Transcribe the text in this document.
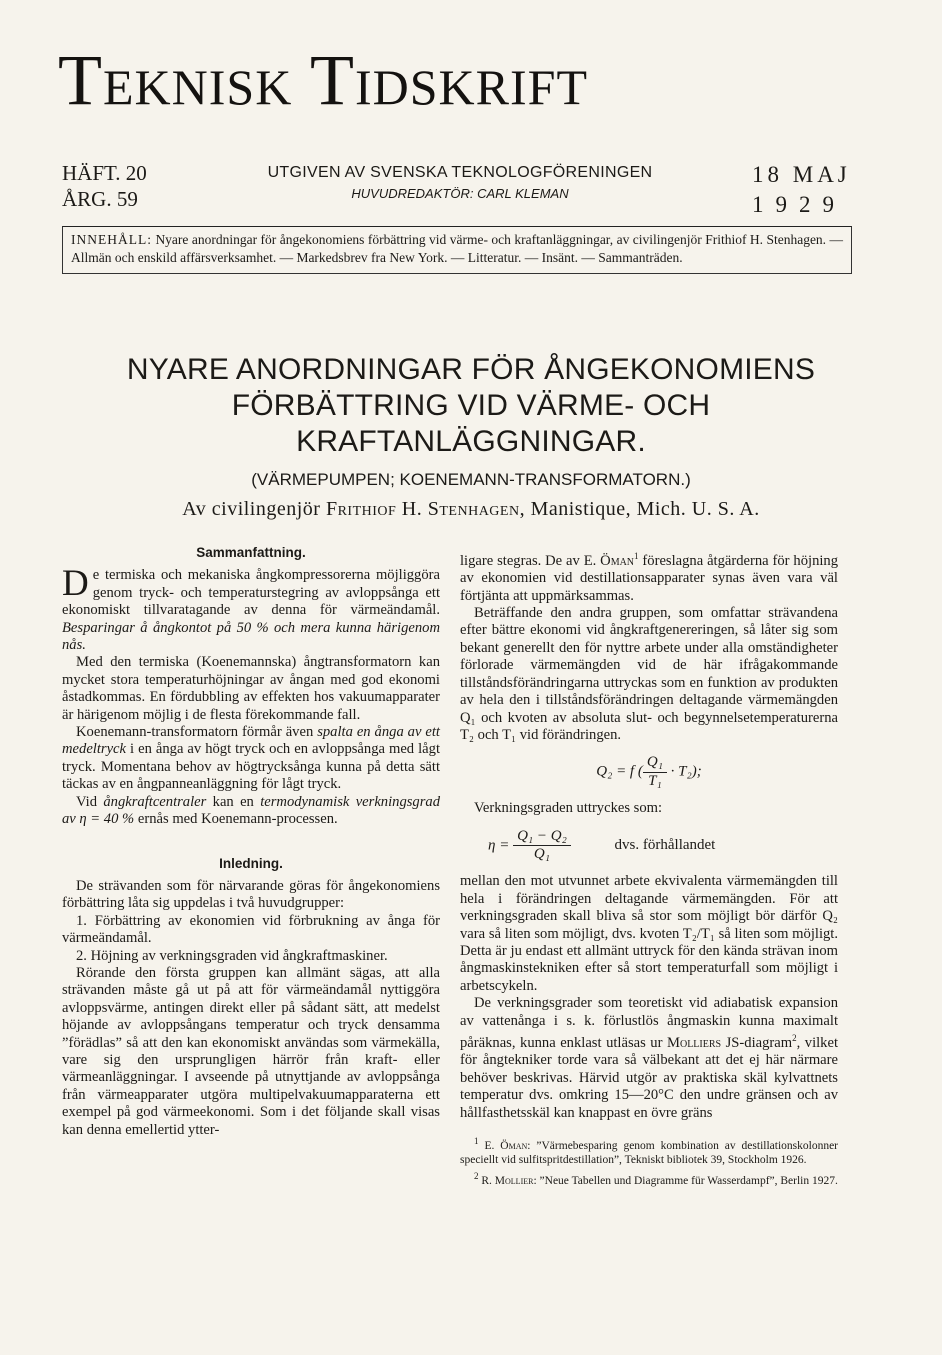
Teknisk Tidskrift
HÄFT. 20
ÅRG. 59
UTGIVEN AV SVENSKA TEKNOLOGFÖRENINGEN
HUVUDREDAKTÖR: CARL KLEMAN
18 MAJ
1929
INNEHÅLL: Nyare anordningar för ångekonomiens förbättring vid värme- och kraftanläggningar, av civilingenjör Frithiof H. Stenhagen. — Allmän och enskild affärsverksamhet. — Markedsbrev fra New York. — Litteratur. — Insänt. — Sammanträden.
NYARE ANORDNINGAR FÖR ÅNGEKONOMIENS FÖRBÄTTRING VID VÄRME- OCH KRAFTANLÄGGNINGAR.
(VÄRMEPUMPEN; KOENEMANN-TRANSFORMATORN.)
Av civilingenjör Frithiof H. Stenhagen, Manistique, Mich. U. S. A.
Sammanfattning.

De termiska och mekaniska ångkompressorerna möjliggöra genom tryck- och temperaturstegring av avloppsånga ett ekonomiskt tillvaratagande av denna för värmeändamål. Besparingar å ångkontot på 50 % och mera kunna härigenom nås.

Med den termiska (Koenemannska) ångtransformatorn kan mycket stora temperaturhöjningar av ångan med god ekonomi åstadkommas. En fördubbling av effekten hos vakuumapparater är härigenom möjlig i de flesta förekommande fall.

Koenemann-transformatorn förmår även spalta en ånga av ett medeltryck i en ånga av högt tryck och en avloppsånga med lågt tryck. Momentana behov av högtrycksånga kunna på detta sätt täckas av en ångpanneanläggning för lågt tryck.

Vid ångkraftcentraler kan en termodynamisk verkningsgrad av η = 40 % ernås med Koenemann-processen.

Inledning.

De strävanden som för närvarande göras för ångekonomiens förbättring låta sig uppdelas i två huvudgrupper:

1. Förbättring av ekonomien vid förbrukning av ånga för värmeändamål.

2. Höjning av verkningsgraden vid ångkraftmaskiner.

Rörande den första gruppen kan allmänt sägas, att alla strävanden måste gå ut på att för värmeändamål nyttiggöra avloppsvärme, antingen direkt eller på sådant sätt, att medelst höjande av avloppsångans temperatur och tryck densamma ”förädlas” så att den kan ekonomiskt användas som värmekälla, vare sig den ursprungligen härrör från kraft- eller värmeanläggningar. I avseende på utnyttjande av avloppsånga från värmeapparater utgöra multipelvakuumapparaterna ett exempel på god värmeekonomi. Som i det följande skall visas kan denna emellertid ytter-

ligare stegras. De av E. Öman$^1$ föreslagna åtgärderna för höjning av ekonomien vid destillationsapparater synas även vara väl förtjänta att uppmärksammas.

Beträffande den andra gruppen, som omfattar strävandena efter bättre ekonomi vid ångkraftgenereringen, så låter sig som bekant generellt den för nyttre arbete under alla omständigheter förlorade värmemängden vid de här ifrågakommande tillståndsförändringarna uttryckas som en funktion av produkten av hela den i tillståndsförändringen deltagande värmemängden Q₁ och kvoten av absoluta slut- och begynnelsetemperaturerna T₂ och T₁ vid förändringen.

Q₂ = f ( $\frac{\text{Q₁}}{\text{T₁}} \cdot T_2$);

Verkningsgraden uttryckes som:

$\eta = \frac{\text{Q₁ − Q₂}}{\text{Q₁}}$	dvs. förhållandet

mellan den mot utvunnet arbete ekvivalenta värmemängden till hela i förändringen deltagande värmemängden. För att verkningsgraden skall bliva så stor som möjligt bör därför Q₂ vara så liten som möjligt, dvs. kvoten T₂/T₁ så liten som möjligt. Detta är ju endast ett allmänt uttryck för den kända strävan inom ångmaskinstekniken efter så stort temperaturfall som möjligt i arbetscykeln.

De verkningsgrader som teoretiskt vid adiabatisk expansion av vattenånga i s. k. förlustlös ångmaskin kunna maximalt påräknas, kunna enklast utläsas ur Molliers JS-diagram$^2$, vilket för ångtekniker torde vara så välbekant att det ej här närmare behöver beskrivas. Härvid utgör av praktiska skäl kylvattnets temperatur dvs. omkring 15—20°C den undre gränsen och av hållfasthetsskäl kan knappast en övre gräns

$^1$ E. Öman: ”Värmebesparing genom kombination av destillationskolonner speciellt vid sulfitspritdestillation”, Tekniskt bibliotek 39, Stockholm 1926.

$^2$ R. Mollier: ”Neue Tabellen und Diagramme für Wasserdampf”, Berlin 1927.
